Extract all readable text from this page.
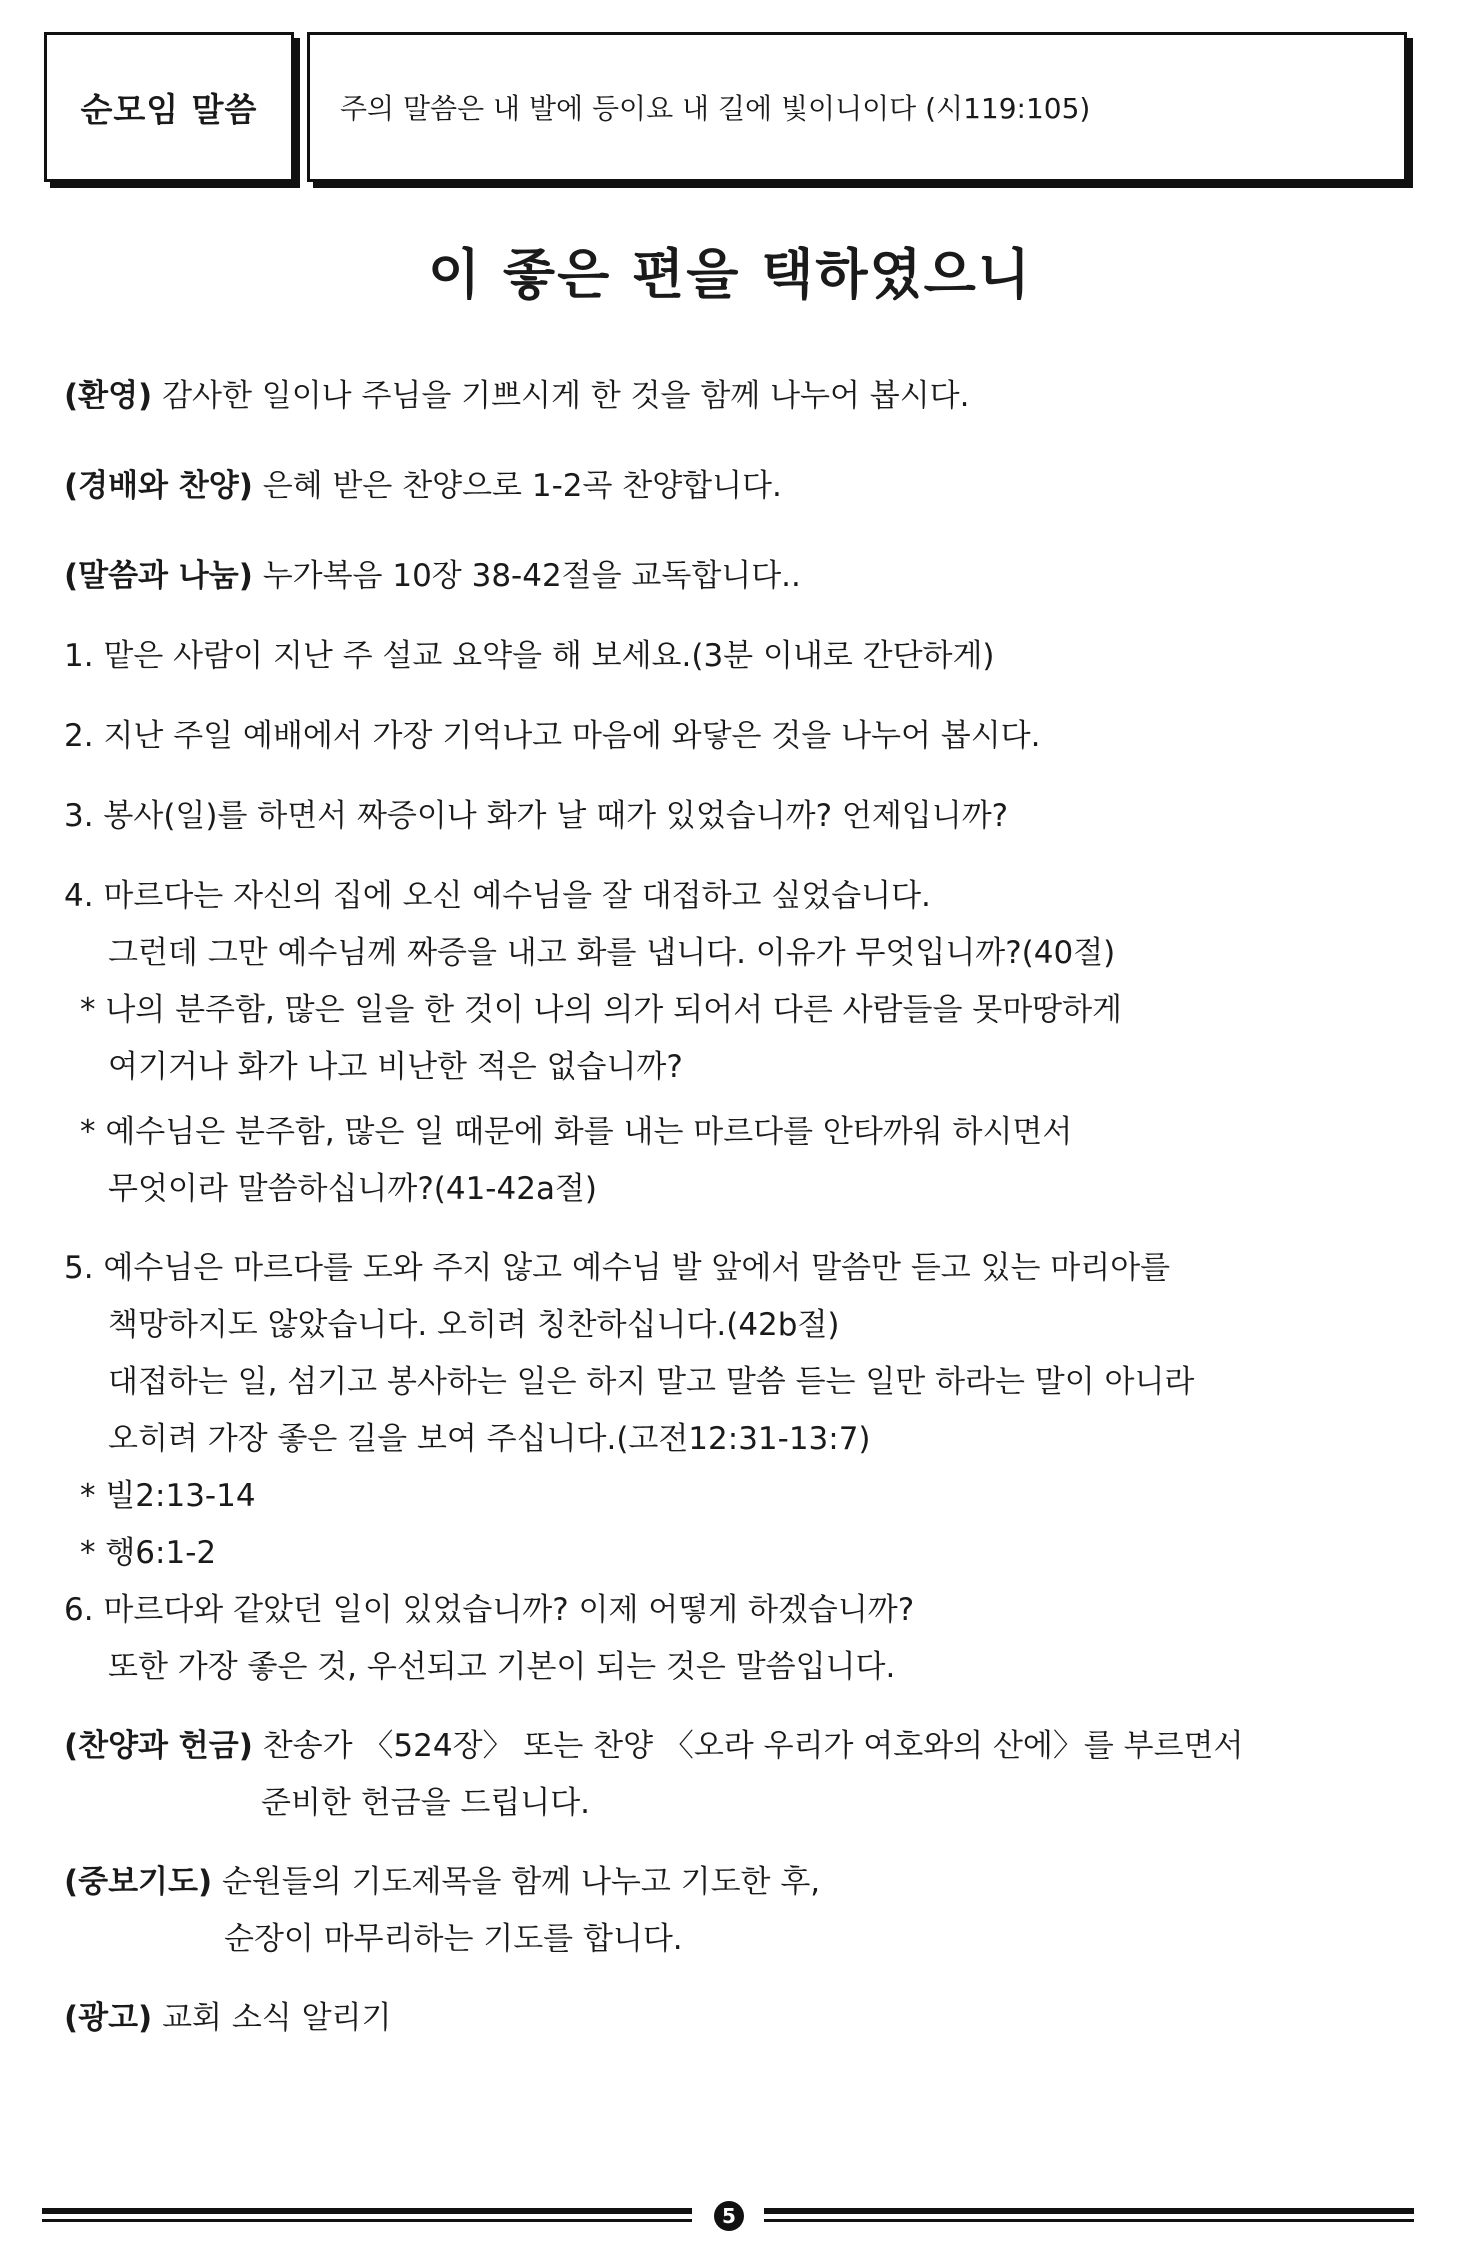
순모임 말씀	주의 말씀은 내 발에 등이요 내 길에 빛이니이다 (시119:105)
이 좋은 편을 택하였으니

(환영) 감사한 일이나 주님을 기쁘시게 한 것을 함께 나누어 봅시다.

(경배와 찬양) 은혜 받은 찬양으로 1-2곡 찬양합니다.

(말씀과 나눔) 누가복음 10장 38-42절을 교독합니다..

1. 맡은 사람이 지난 주 설교 요약을 해 보세요.(3분 이내로 간단하게)

2. 지난 주일 예배에서 가장 기억나고 마음에 와닿은 것을 나누어 봅시다.

3. 봉사(일)를 하면서 짜증이나 화가 날 때가 있었습니까? 언제입니까?

4. 마르다는 자신의 집에 오신 예수님을 잘 대접하고 싶었습니다.

그런데 그만 예수님께 짜증을 내고 화를 냅니다. 이유가 무엇입니까?(40절)

* 나의 분주함, 많은 일을 한 것이 나의 의가 되어서 다른 사람들을 못마땅하게

여기거나 화가 나고 비난한 적은 없습니까?

* 예수님은 분주함, 많은 일 때문에 화를 내는 마르다를 안타까워 하시면서

무엇이라 말씀하십니까?(41-42a절)

5. 예수님은 마르다를 도와 주지 않고 예수님 발 앞에서 말씀만 듣고 있는 마리아를

책망하지도 않았습니다. 오히려 칭찬하십니다.(42b절)

대접하는 일, 섬기고 봉사하는 일은 하지 말고 말씀 듣는 일만 하라는 말이 아니라

오히려 가장 좋은 길을 보여 주십니다.(고전12:31-13:7)

* 빌2:13-14

* 행6:1-2

6. 마르다와 같았던 일이 있었습니까? 이제 어떻게 하겠습니까?

또한 가장 좋은 것, 우선되고 기본이 되는 것은 말씀입니다.

(찬양과 헌금) 찬송가 〈524장〉 또는 찬양 〈오라 우리가 여호와의 산에〉를 부르면서

준비한 헌금을 드립니다.

(중보기도) 순원들의 기도제목을 함께 나누고 기도한 후,

순장이 마무리하는 기도를 합니다.

(광고) 교회 소식 알리기

5
